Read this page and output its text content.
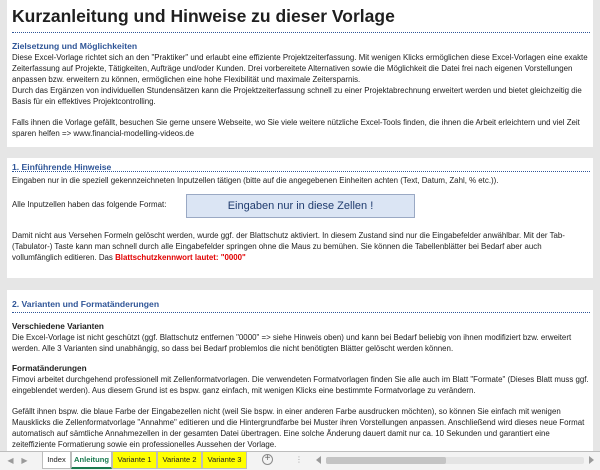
Kurzanleitung und Hinweise zu dieser Vorlage
Zielsetzung und Möglichkeiten

Diese Excel-Vorlage richtet sich an den "Praktiker" und erlaubt eine effiziente Projektzeiterfassung. Mit wenigen Klicks ermöglichen diese Excel-Vorlagen eine exakte Zeiterfassung auf Projekte, Tätigkeiten, Aufträge und/oder Kunden. Drei vorbereitete Alternativen sowie die Möglichkeit die Datei frei nach eigenen Vorstellungen anpassen bzw. erweitern zu können, ermöglichen eine hohe Flexibilität und maximale Zeitersparnis.

Durch das Ergänzen von individuellen Stundensätzen kann die Projektzeiterfassung schnell zu einer Projektabrechnung erweitert werden und bietet gleichzeitig die Basis für ein effektives Projektcontrolling.

Falls ihnen die Vorlage gefällt, besuchen Sie gerne unsere Webseite, wo Sie viele weitere nützliche Excel-Tools finden, die ihnen die Arbeit erleichtern und viel Zeit sparen helfen => www.financial-modelling-videos.de

1. Einführende Hinweise

Eingaben nur in die speziell gekennzeichneten Inputzellen tätigen (bitte auf die angegebenen Einheiten achten (Text, Datum, Zahl, % etc.)).

Alle Inputzellen haben das folgende Format:	Eingaben nur in diese Zellen !

Damit nicht aus Versehen Formeln gelöscht werden, wurde ggf. der Blattschutz aktiviert. In diesem Zustand sind nur die Eingabefelder anwählbar. Mit der Tab-(Tabulator-) Taste kann man schnell durch alle Eingabefelder springen ohne die Maus zu bemühen. Sie können die Tabellenblätter bei Bedarf aber auch vollumfänglich editieren. Das Blattschutzkennwort lautet: "0000"

2. Varianten und Formatänderungen
Verschiedene Varianten

Die Excel-Vorlage ist nicht geschützt (ggf. Blattschutz entfernen "0000" => siehe Hinweis oben) und kann bei Bedarf beliebig von ihnen modifiziert bzw. erweitert werden. Alle 3 Varianten sind unabhängig, so dass bei Bedarf problemlos die nicht benötigten Blätter gelöscht werden können.

Formatänderungen

Fimovi arbeitet durchgehend professionell mit Zellenformatvorlagen. Die verwendeten Formatvorlagen finden Sie alle auch im Blatt "Formate" (Dieses Blatt muss ggf. eingeblendet werden). Aus diesem Grund ist es bspw. ganz einfach, mit wenigen Klicks eine bestimmte Formatvorlage zu verändern.

Gefällt ihnen bspw. die blaue Farbe der Eingabezellen nicht (weil Sie bspw. in einer anderen Farbe ausdrucken möchten), so können Sie einfach mit wenigen Mausklicks die Zellenformatvorlage "Annahme" editieren und die Hintergrundfarbe bei Muster ihren Vorstellungen anpassen. Anschließend wird dieses neue Format automatisch auf sämtliche Annahmezellen in der gesamten Datei übertragen. Eine solche Änderung dauert damit nur ca. 10 Sekunden und garantiert eine zeiteffiziente Formatierung sowie ein professionelles Aussehen der Vorlage.

◀ ▶	Index	Anleitung	Variante 1	Variante 2	Variante 3	+	⋮
